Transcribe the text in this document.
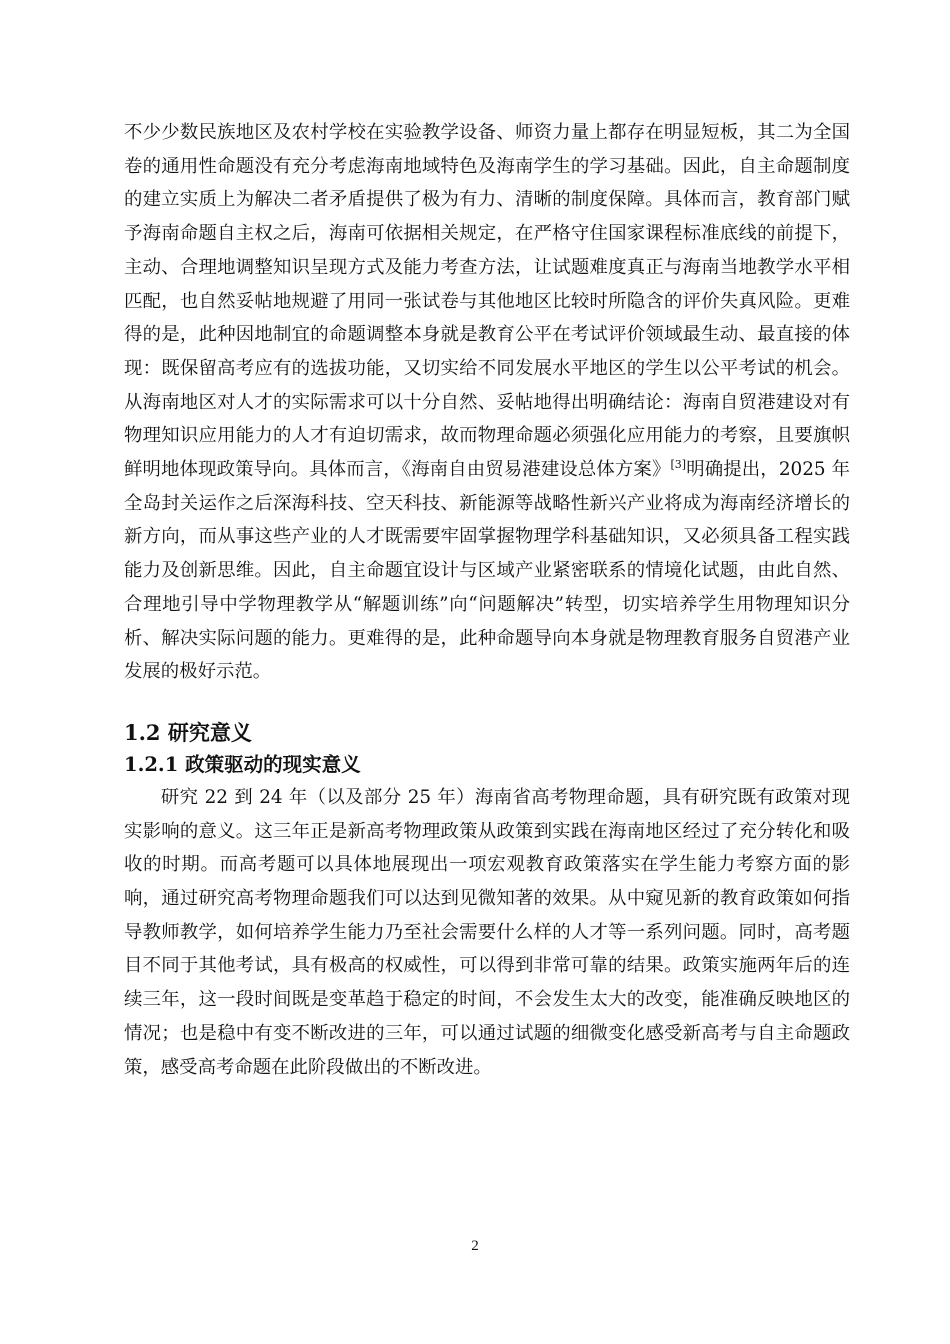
不少少数民族地区及农村学校在实验教学设备、师资力量上都存在明显短板，其二为全国卷的通用性命题没有充分考虑海南地域特色及海南学生的学习基础。因此，自主命题制度的建立实质上为解决二者矛盾提供了极为有力、清晰的制度保障。具体而言，教育部门赋予海南命题自主权之后，海南可依据相关规定，在严格守住国家课程标准底线的前提下，主动、合理地调整知识呈现方式及能力考查方法，让试题难度真正与海南当地教学水平相匹配，也自然妥帖地规避了用同一张试卷与其他地区比较时所隐含的评价失真风险。更难得的是，此种因地制宜的命题调整本身就是教育公平在考试评价领域最生动、最直接的体现：既保留高考应有的选拔功能，又切实给不同发展水平地区的学生以公平考试的机会。从海南地区对人才的实际需求可以十分自然、妥帖地得出明确结论：海南自贸港建设对有物理知识应用能力的人才有迫切需求，故而物理命题必须强化应用能力的考察，且要旗帜鲜明地体现政策导向。具体而言，《海南自由贸易港建设总体方案》[3]明确提出，2025 年全岛封关运作之后深海科技、空天科技、新能源等战略性新兴产业将成为海南经济增长的新方向，而从事这些产业的人才既需要牢固掌握物理学科基础知识，又必须具备工程实践能力及创新思维。因此，自主命题宜设计与区域产业紧密联系的情境化试题，由此自然、合理地引导中学物理教学从“解题训练”向“问题解决”转型，切实培养学生用物理知识分析、解决实际问题的能力。更难得的是，此种命题导向本身就是物理教育服务自贸港产业发展的极好示范。

1.2 研究意义
1.2.1 政策驱动的现实意义

研究 22 到 24 年（以及部分 25 年）海南省高考物理命题，具有研究既有政策对现实影响的意义。这三年正是新高考物理政策从政策到实践在海南地区经过了充分转化和吸收的时期。而高考题可以具体地展现出一项宏观教育政策落实在学生能力考察方面的影响，通过研究高考物理命题我们可以达到见微知著的效果。从中窥见新的教育政策如何指导教师教学，如何培养学生能力乃至社会需要什么样的人才等一系列问题。同时，高考题目不同于其他考试，具有极高的权威性，可以得到非常可靠的结果。政策实施两年后的连续三年，这一段时间既是变革趋于稳定的时间，不会发生太大的改变，能准确反映地区的情况；也是稳中有变不断改进的三年，可以通过试题的细微变化感受新高考与自主命题政策，感受高考命题在此阶段做出的不断改进。

2
